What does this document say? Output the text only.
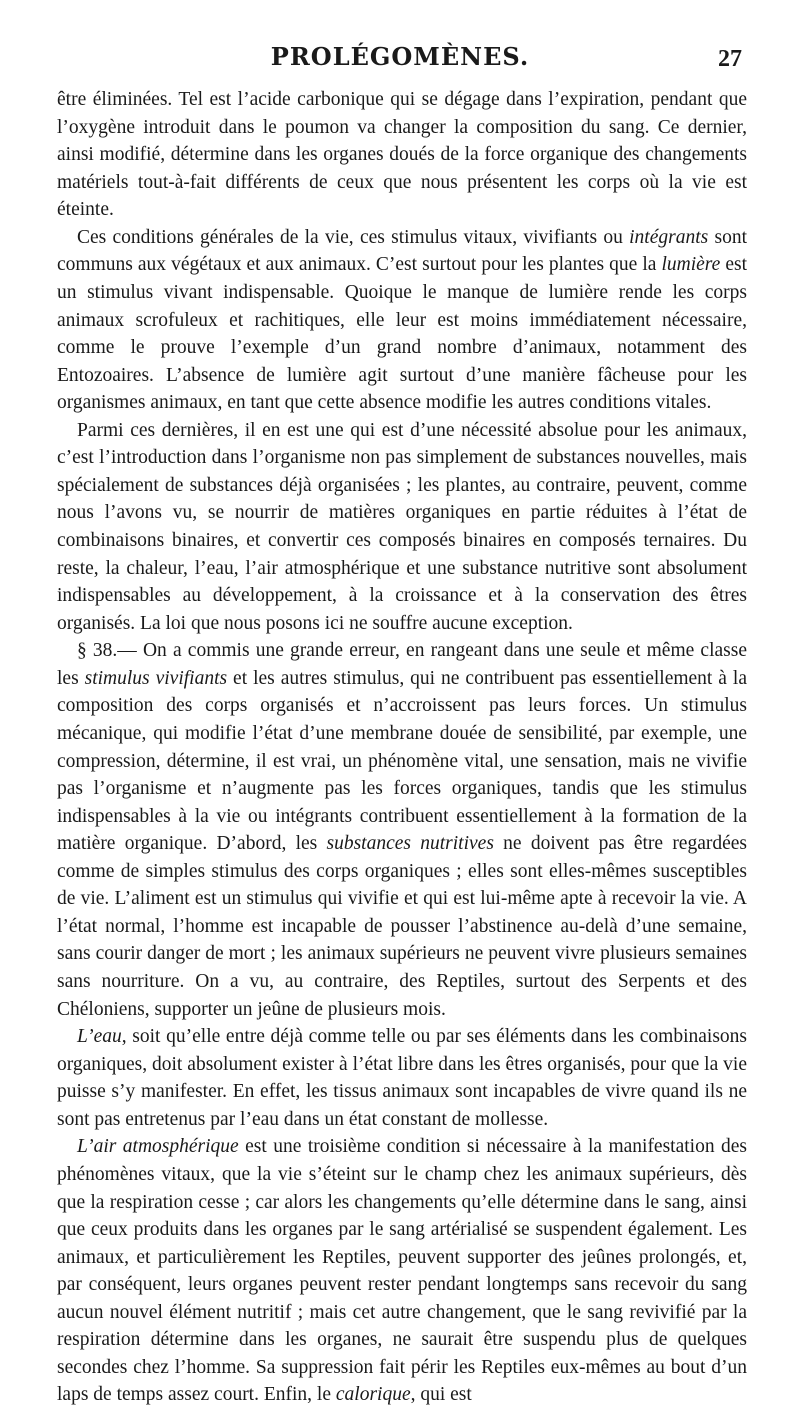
PROLÉGOMÈNES.	27

être éliminées. Tel est l’acide carbonique qui se dégage dans l’expiration, pendant que l’oxygène introduit dans le poumon va changer la composition du sang. Ce dernier, ainsi modifié, détermine dans les organes doués de la force organique des changements matériels tout-à-fait différents de ceux que nous présentent les corps où la vie est éteinte.

Ces conditions générales de la vie, ces stimulus vitaux, vivifiants ou intégrants sont communs aux végétaux et aux animaux. C’est surtout pour les plantes que la lumière est un stimulus vivant indispensable. Quoique le manque de lumière rende les corps animaux scrofuleux et rachitiques, elle leur est moins immédiatement nécessaire, comme le prouve l’exemple d’un grand nombre d’animaux, notamment des Entozoaires. L’absence de lumière agit surtout d’une manière fâcheuse pour les organismes animaux, en tant que cette absence modifie les autres conditions vitales.

Parmi ces dernières, il en est une qui est d’une nécessité absolue pour les animaux, c’est l’introduction dans l’organisme non pas simplement de substances nouvelles, mais spécialement de substances déjà organisées ; les plantes, au contraire, peuvent, comme nous l’avons vu, se nourrir de matières organiques en partie réduites à l’état de combinaisons binaires, et convertir ces composés binaires en composés ternaires. Du reste, la chaleur, l’eau, l’air atmosphérique et une substance nutritive sont absolument indispensables au développement, à la croissance et à la conservation des êtres organisés. La loi que nous posons ici ne souffre aucune exception.

§ 38.— On a commis une grande erreur, en rangeant dans une seule et même classe les stimulus vivifiants et les autres stimulus, qui ne contribuent pas essentiellement à la composition des corps organisés et n’accroissent pas leurs forces. Un stimulus mécanique, qui modifie l’état d’une membrane douée de sensibilité, par exemple, une compression, détermine, il est vrai, un phénomène vital, une sensation, mais ne vivifie pas l’organisme et n’augmente pas les forces organiques, tandis que les stimulus indispensables à la vie ou intégrants contribuent essentiellement à la formation de la matière organique. D’abord, les substances nutritives ne doivent pas être regardées comme de simples stimulus des corps organiques ; elles sont elles-mêmes susceptibles de vie. L’aliment est un stimulus qui vivifie et qui est lui-même apte à recevoir la vie. A l’état normal, l’homme est incapable de pousser l’abstinence au-delà d’une semaine, sans courir danger de mort ; les animaux supérieurs ne peuvent vivre plusieurs semaines sans nourriture. On a vu, au contraire, des Reptiles, surtout des Serpents et des Chéloniens, supporter un jeûne de plusieurs mois.

L’eau, soit qu’elle entre déjà comme telle ou par ses éléments dans les combinaisons organiques, doit absolument exister à l’état libre dans les êtres organisés, pour que la vie puisse s’y manifester. En effet, les tissus animaux sont incapables de vivre quand ils ne sont pas entretenus par l’eau dans un état constant de mollesse.

L’air atmosphérique est une troisième condition si nécessaire à la manifestation des phénomènes vitaux, que la vie s’éteint sur le champ chez les animaux supérieurs, dès que la respiration cesse ; car alors les changements qu’elle détermine dans le sang, ainsi que ceux produits dans les organes par le sang artérialisé se suspendent également. Les animaux, et particulièrement les Reptiles, peuvent supporter des jeûnes prolongés, et, par conséquent, leurs organes peuvent rester pendant longtemps sans recevoir du sang aucun nouvel élément nutritif ; mais cet autre changement, que le sang revivifié par la respiration détermine dans les organes, ne saurait être suspendu plus de quelques secondes chez l’homme. Sa suppression fait périr les Reptiles eux-mêmes au bout d’un laps de temps assez court. Enfin, le calorique, qui est
